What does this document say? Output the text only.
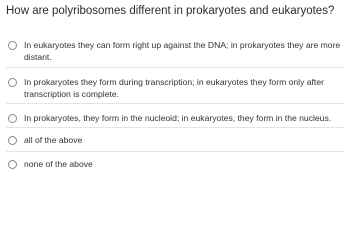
How are polyribosomes different in prokaryotes and eukaryotes?
In eukaryotes they can form right up against the DNA; in prokaryotes they are more distant.
In prokaryotes they form during transcription; in eukaryotes they form only after transcription is complete.
In prokaryotes, they form in the nucleoid; in eukaryotes, they form in the nucleus.
all of the above
none of the above
